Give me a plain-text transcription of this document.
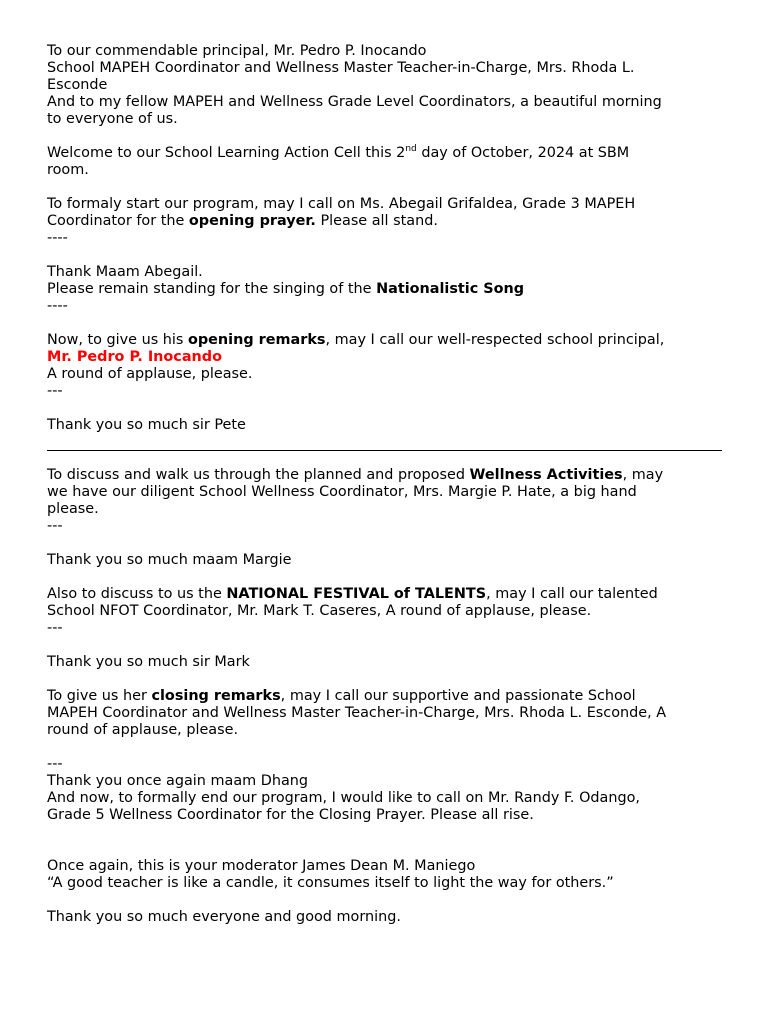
To our commendable principal, Mr. Pedro P. Inocando
School MAPEH Coordinator and Wellness Master Teacher-in-Charge, Mrs. Rhoda L.
Esconde
And to my fellow MAPEH and Wellness Grade Level Coordinators, a beautiful morning
to everyone of us.
Welcome to our School Learning Action Cell this 2nd day of October, 2024 at SBM
room.
To formaly start our program, may I call on Ms. Abegail Grifaldea, Grade 3 MAPEH
Coordinator for the opening prayer. Please all stand.
----
Thank Maam Abegail.
Please remain standing for the singing of the Nationalistic Song
----
Now, to give us his opening remarks, may I call our well-respected school principal,
Mr. Pedro P. Inocando
A round of applause, please.
---
Thank you so much sir Pete
To discuss and walk us through the planned and proposed Wellness Activities, may
we have our diligent School Wellness Coordinator, Mrs. Margie P. Hate, a big hand
please.
---
Thank you so much maam Margie
Also to discuss to us the NATIONAL FESTIVAL of TALENTS, may I call our talented
School NFOT Coordinator, Mr. Mark T. Caseres, A round of applause, please.
---
Thank you so much sir Mark
To give us her closing remarks, may I call our supportive and passionate School
MAPEH Coordinator and Wellness Master Teacher-in-Charge, Mrs. Rhoda L. Esconde, A
round of applause, please.
---
Thank you once again maam Dhang
And now, to formally end our program, I would like to call on Mr. Randy F. Odango,
Grade 5 Wellness Coordinator for the Closing Prayer. Please all rise.
Once again, this is your moderator James Dean M. Maniego
“A good teacher is like a candle, it consumes itself to light the way for others.”
Thank you so much everyone and good morning.
